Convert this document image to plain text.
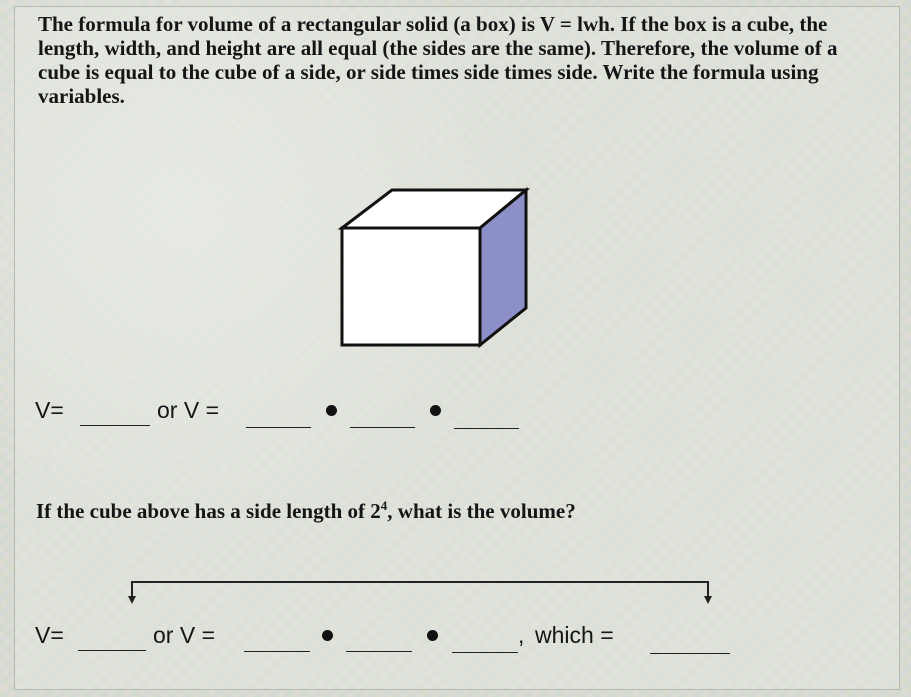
The formula for volume of a rectangular solid (a box) is V = lwh. If the box is a cube, the length, width, and height are all equal (the sides are the same). Therefore, the volume of a cube is equal to the cube of a side, or side times side times side. Write the formula using variables.

V=	or V =
If the cube above has a side length of $2^4$, what is the volume?
V=	or V =	, which =
